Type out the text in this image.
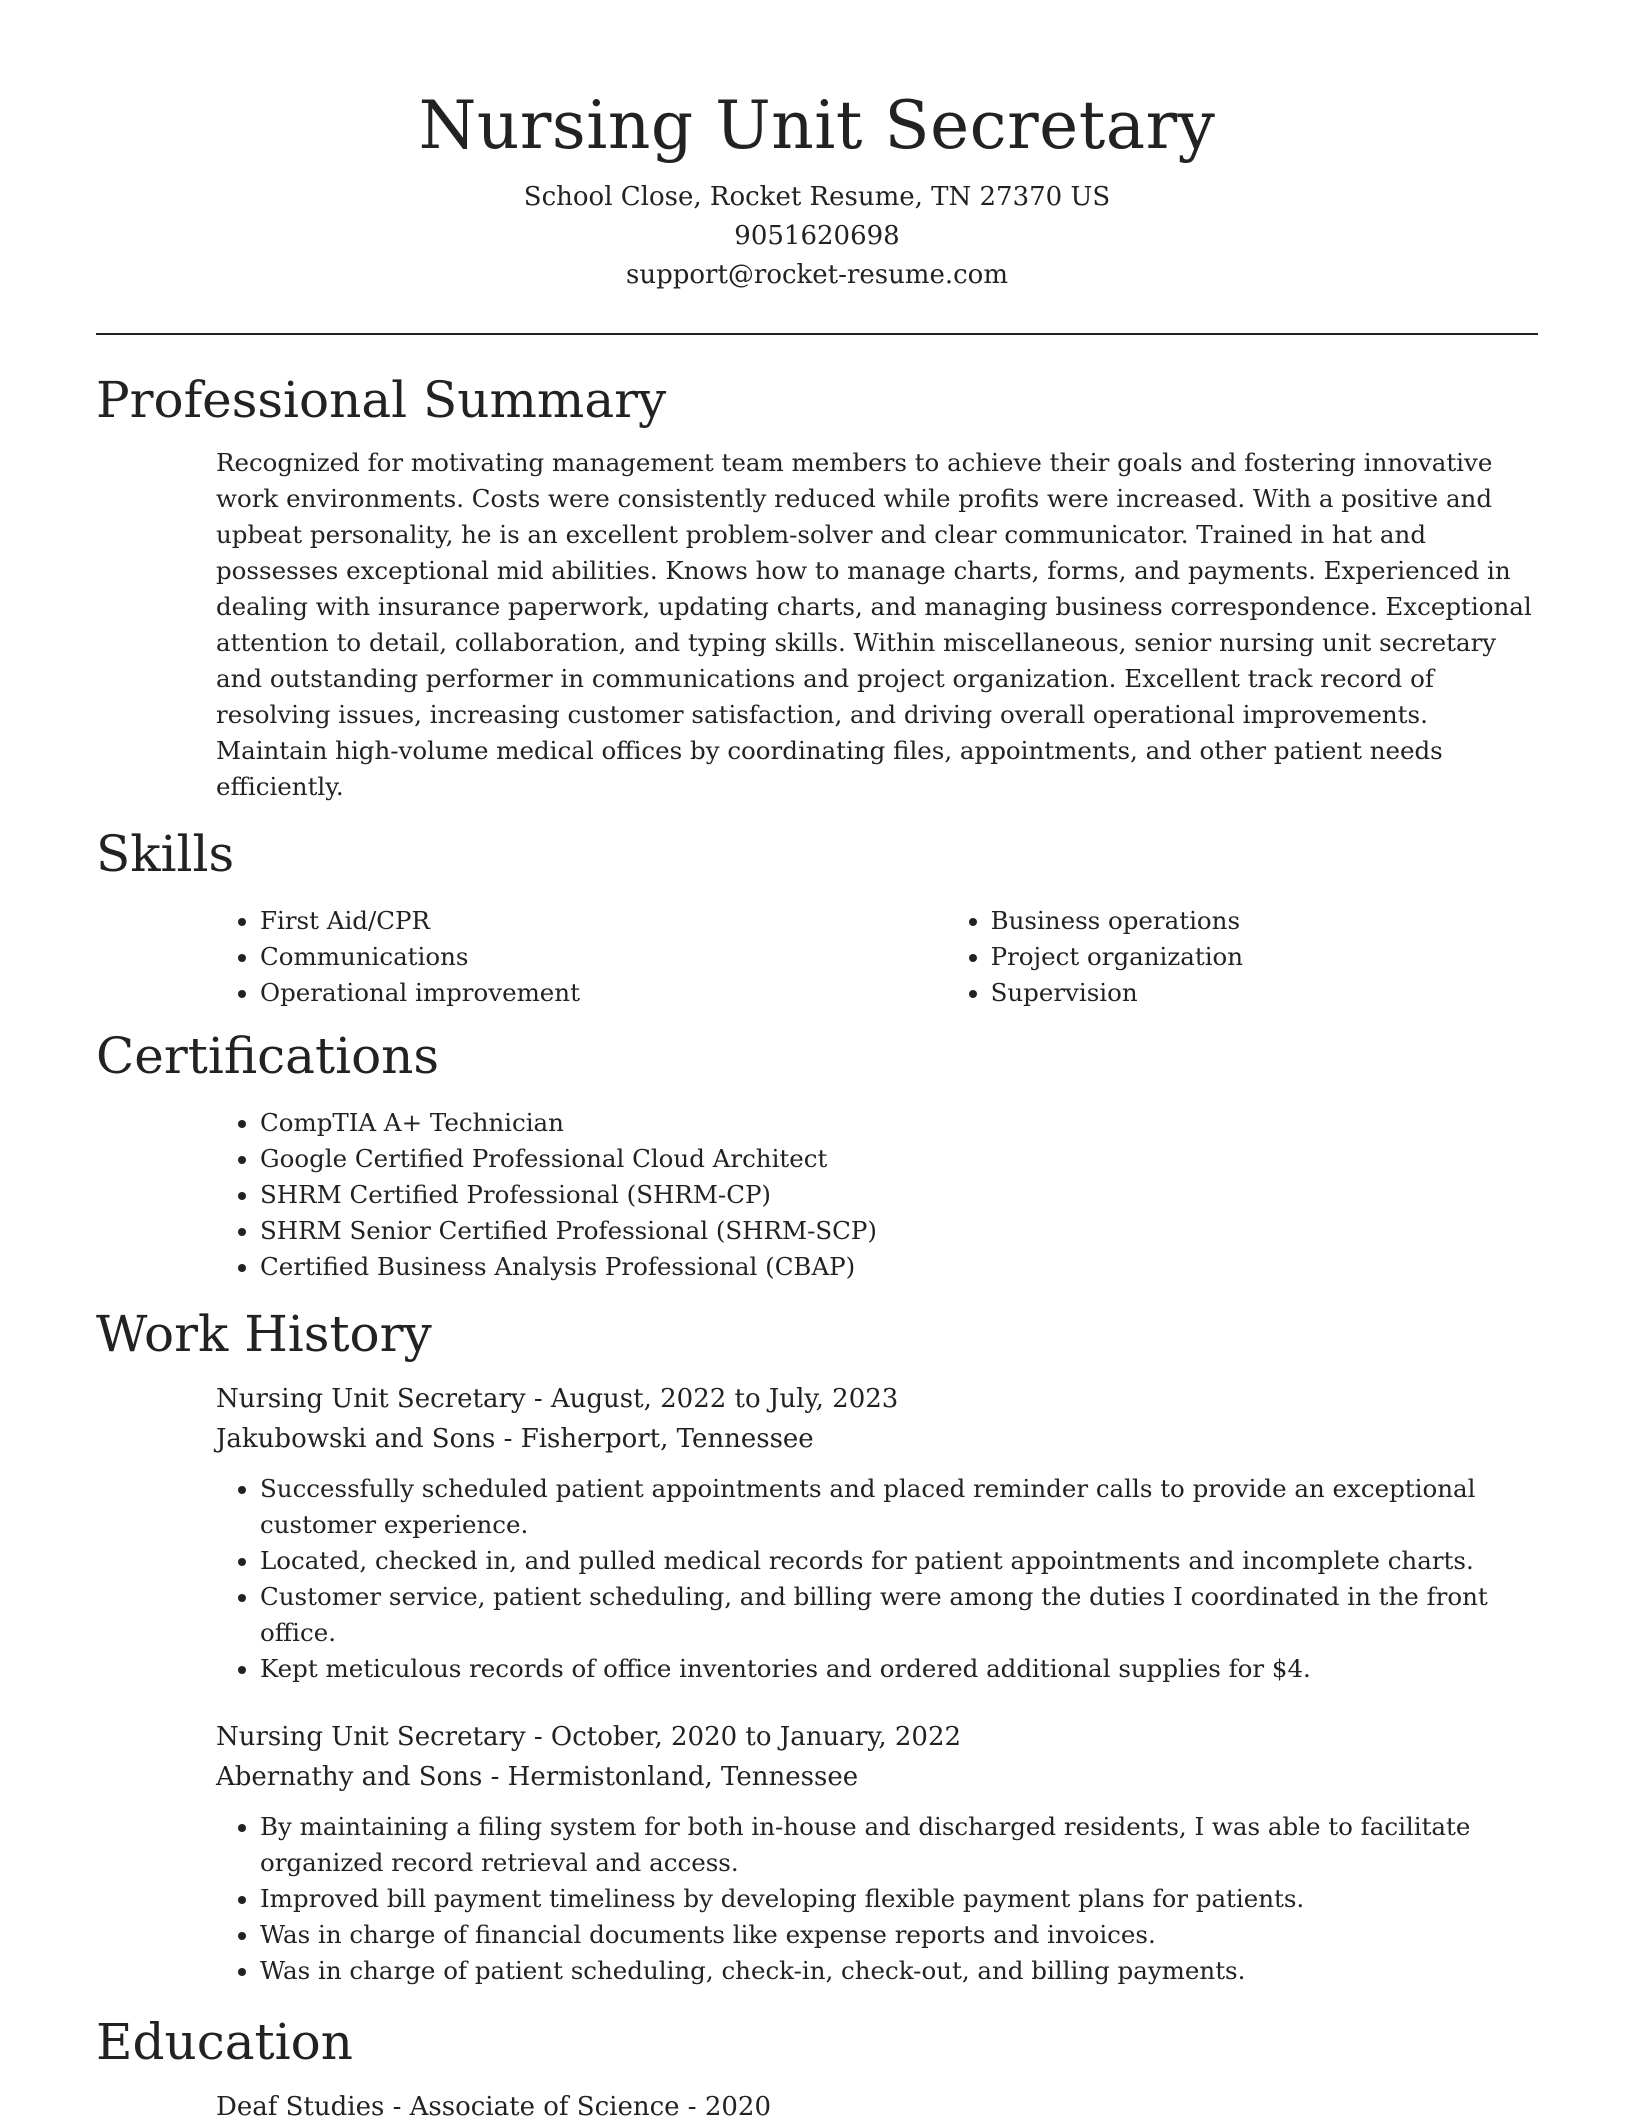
Nursing Unit Secretary
School Close, Rocket Resume, TN 27370 US
9051620698
support@rocket-resume.com
Professional Summary

Recognized for motivating management team members to achieve their goals and fostering innovative work environments. Costs were consistently reduced while profits were increased. With a positive and upbeat personality, he is an excellent problem-solver and clear communicator. Trained in hat and possesses exceptional mid abilities. Knows how to manage charts, forms, and payments. Experienced in dealing with insurance paperwork, updating charts, and managing business correspondence. Exceptional attention to detail, collaboration, and typing skills. Within miscellaneous, senior nursing unit secretary and outstanding performer in communications and project organization. Excellent track record of resolving issues, increasing customer satisfaction, and driving overall operational improvements. Maintain high-volume medical offices by coordinating files, appointments, and other patient needs efficiently.

Skills
• First Aid/CPR
• Communications
• Operational improvement
• Business operations
• Project organization
• Supervision
Certifications
• CompTIA A+ Technician
• Google Certified Professional Cloud Architect
• SHRM Certified Professional (SHRM-CP)
• SHRM Senior Certified Professional (SHRM-SCP)
• Certified Business Analysis Professional (CBAP)
Work History
Nursing Unit Secretary - August, 2022 to July, 2023
Jakubowski and Sons - Fisherport, Tennessee
• Successfully scheduled patient appointments and placed reminder calls to provide an exceptional customer experience.
• Located, checked in, and pulled medical records for patient appointments and incomplete charts.
• Customer service, patient scheduling, and billing were among the duties I coordinated in the front office.
• Kept meticulous records of office inventories and ordered additional supplies for $4.
Nursing Unit Secretary - October, 2020 to January, 2022
Abernathy and Sons - Hermistonland, Tennessee
• By maintaining a filing system for both in-house and discharged residents, I was able to facilitate organized record retrieval and access.
• Improved bill payment timeliness by developing flexible payment plans for patients.
• Was in charge of financial documents like expense reports and invoices.
• Was in charge of patient scheduling, check-in, check-out, and billing payments.
Education
Deaf Studies - Associate of Science - 2020
